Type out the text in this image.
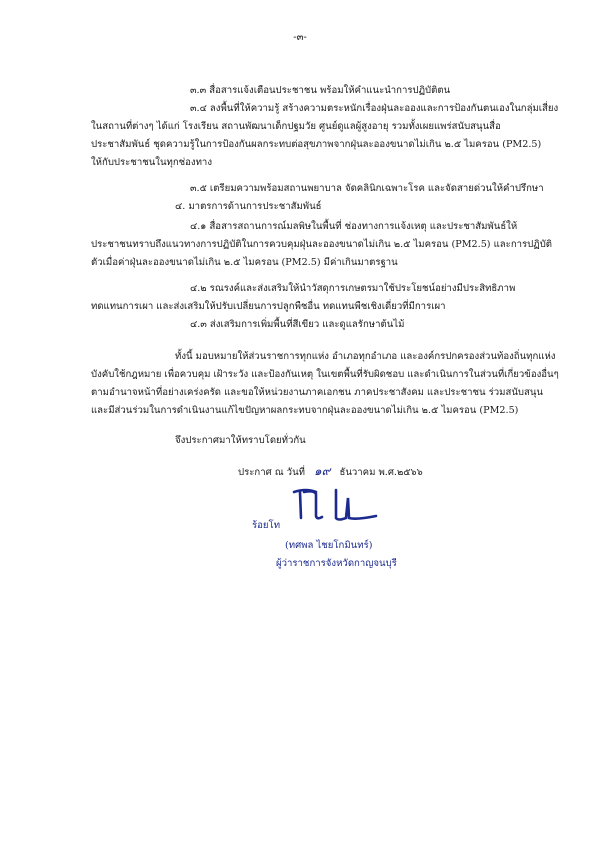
-๓-
๓.๓ สื่อสารแจ้งเตือนประชาชน พร้อมให้คำแนะนำการปฏิบัติตน
๓.๔ ลงพื้นที่ให้ความรู้ สร้างความตระหนักเรื่องฝุ่นละอองและการป้องกันตนเองในกลุ่มเสี่ยง
ในสถานที่ต่างๆ ได้แก่ โรงเรียน สถานพัฒนาเด็กปฐมวัย ศูนย์ดูแลผู้สูงอายุ รวมทั้งเผยแพร่สนับสนุนสื่อ
ประชาสัมพันธ์ ชุดความรู้ในการป้องกันผลกระทบต่อสุขภาพจากฝุ่นละอองขนาดไม่เกิน ๒.๕ ไมครอน (PM2.5)
ให้กับประชาชนในทุกช่องทาง
๓.๕ เตรียมความพร้อมสถานพยาบาล จัดคลินิกเฉพาะโรค และจัดสายด่วนให้คำปรึกษา
๔. มาตรการด้านการประชาสัมพันธ์
๔.๑ สื่อสารสถานการณ์มลพิษในพื้นที่ ช่องทางการแจ้งเหตุ และประชาสัมพันธ์ให้
ประชาชนทราบถึงแนวทางการปฏิบัติในการควบคุมฝุ่นละอองขนาดไม่เกิน ๒.๕ ไมครอน (PM2.5) และการปฏิบัติ
ตัวเมื่อค่าฝุ่นละอองขนาดไม่เกิน ๒.๕ ไมครอน (PM2.5) มีค่าเกินมาตรฐาน
๔.๒ รณรงค์และส่งเสริมให้นำวัสดุการเกษตรมาใช้ประโยชน์อย่างมีประสิทธิภาพ
ทดแทนการเผา และส่งเสริมให้ปรับเปลี่ยนการปลูกพืชอื่น ทดแทนพืชเชิงเดี่ยวที่มีการเผา
๔.๓ ส่งเสริมการเพิ่มพื้นที่สีเขียว และดูแลรักษาต้นไม้
ทั้งนี้ มอบหมายให้ส่วนราชการทุกแห่ง อำเภอทุกอำเภอ และองค์กรปกครองส่วนท้องถิ่นทุกแห่ง
บังคับใช้กฎหมาย เพื่อควบคุม เฝ้าระวัง และป้องกันเหตุ ในเขตพื้นที่รับผิดชอบ และดำเนินการในส่วนที่เกี่ยวข้องอื่นๆ
ตามอำนาจหน้าที่อย่างเคร่งครัด และขอให้หน่วยงานภาคเอกชน ภาคประชาสังคม และประชาชน ร่วมสนับสนุน
และมีส่วนร่วมในการดำเนินงานแก้ไขปัญหาผลกระทบจากฝุ่นละอองขนาดไม่เกิน ๒.๕ ไมครอน (PM2.5)
จึงประกาศมาให้ทราบโดยทั่วกัน
ประกาศ ณ วันที่ ๑๙ ธันวาคม พ.ศ.๒๕๖๖
ร้อยโท
(ทศพล ไชยโกมินทร์)
ผู้ว่าราชการจังหวัดกาญจนบุรี
